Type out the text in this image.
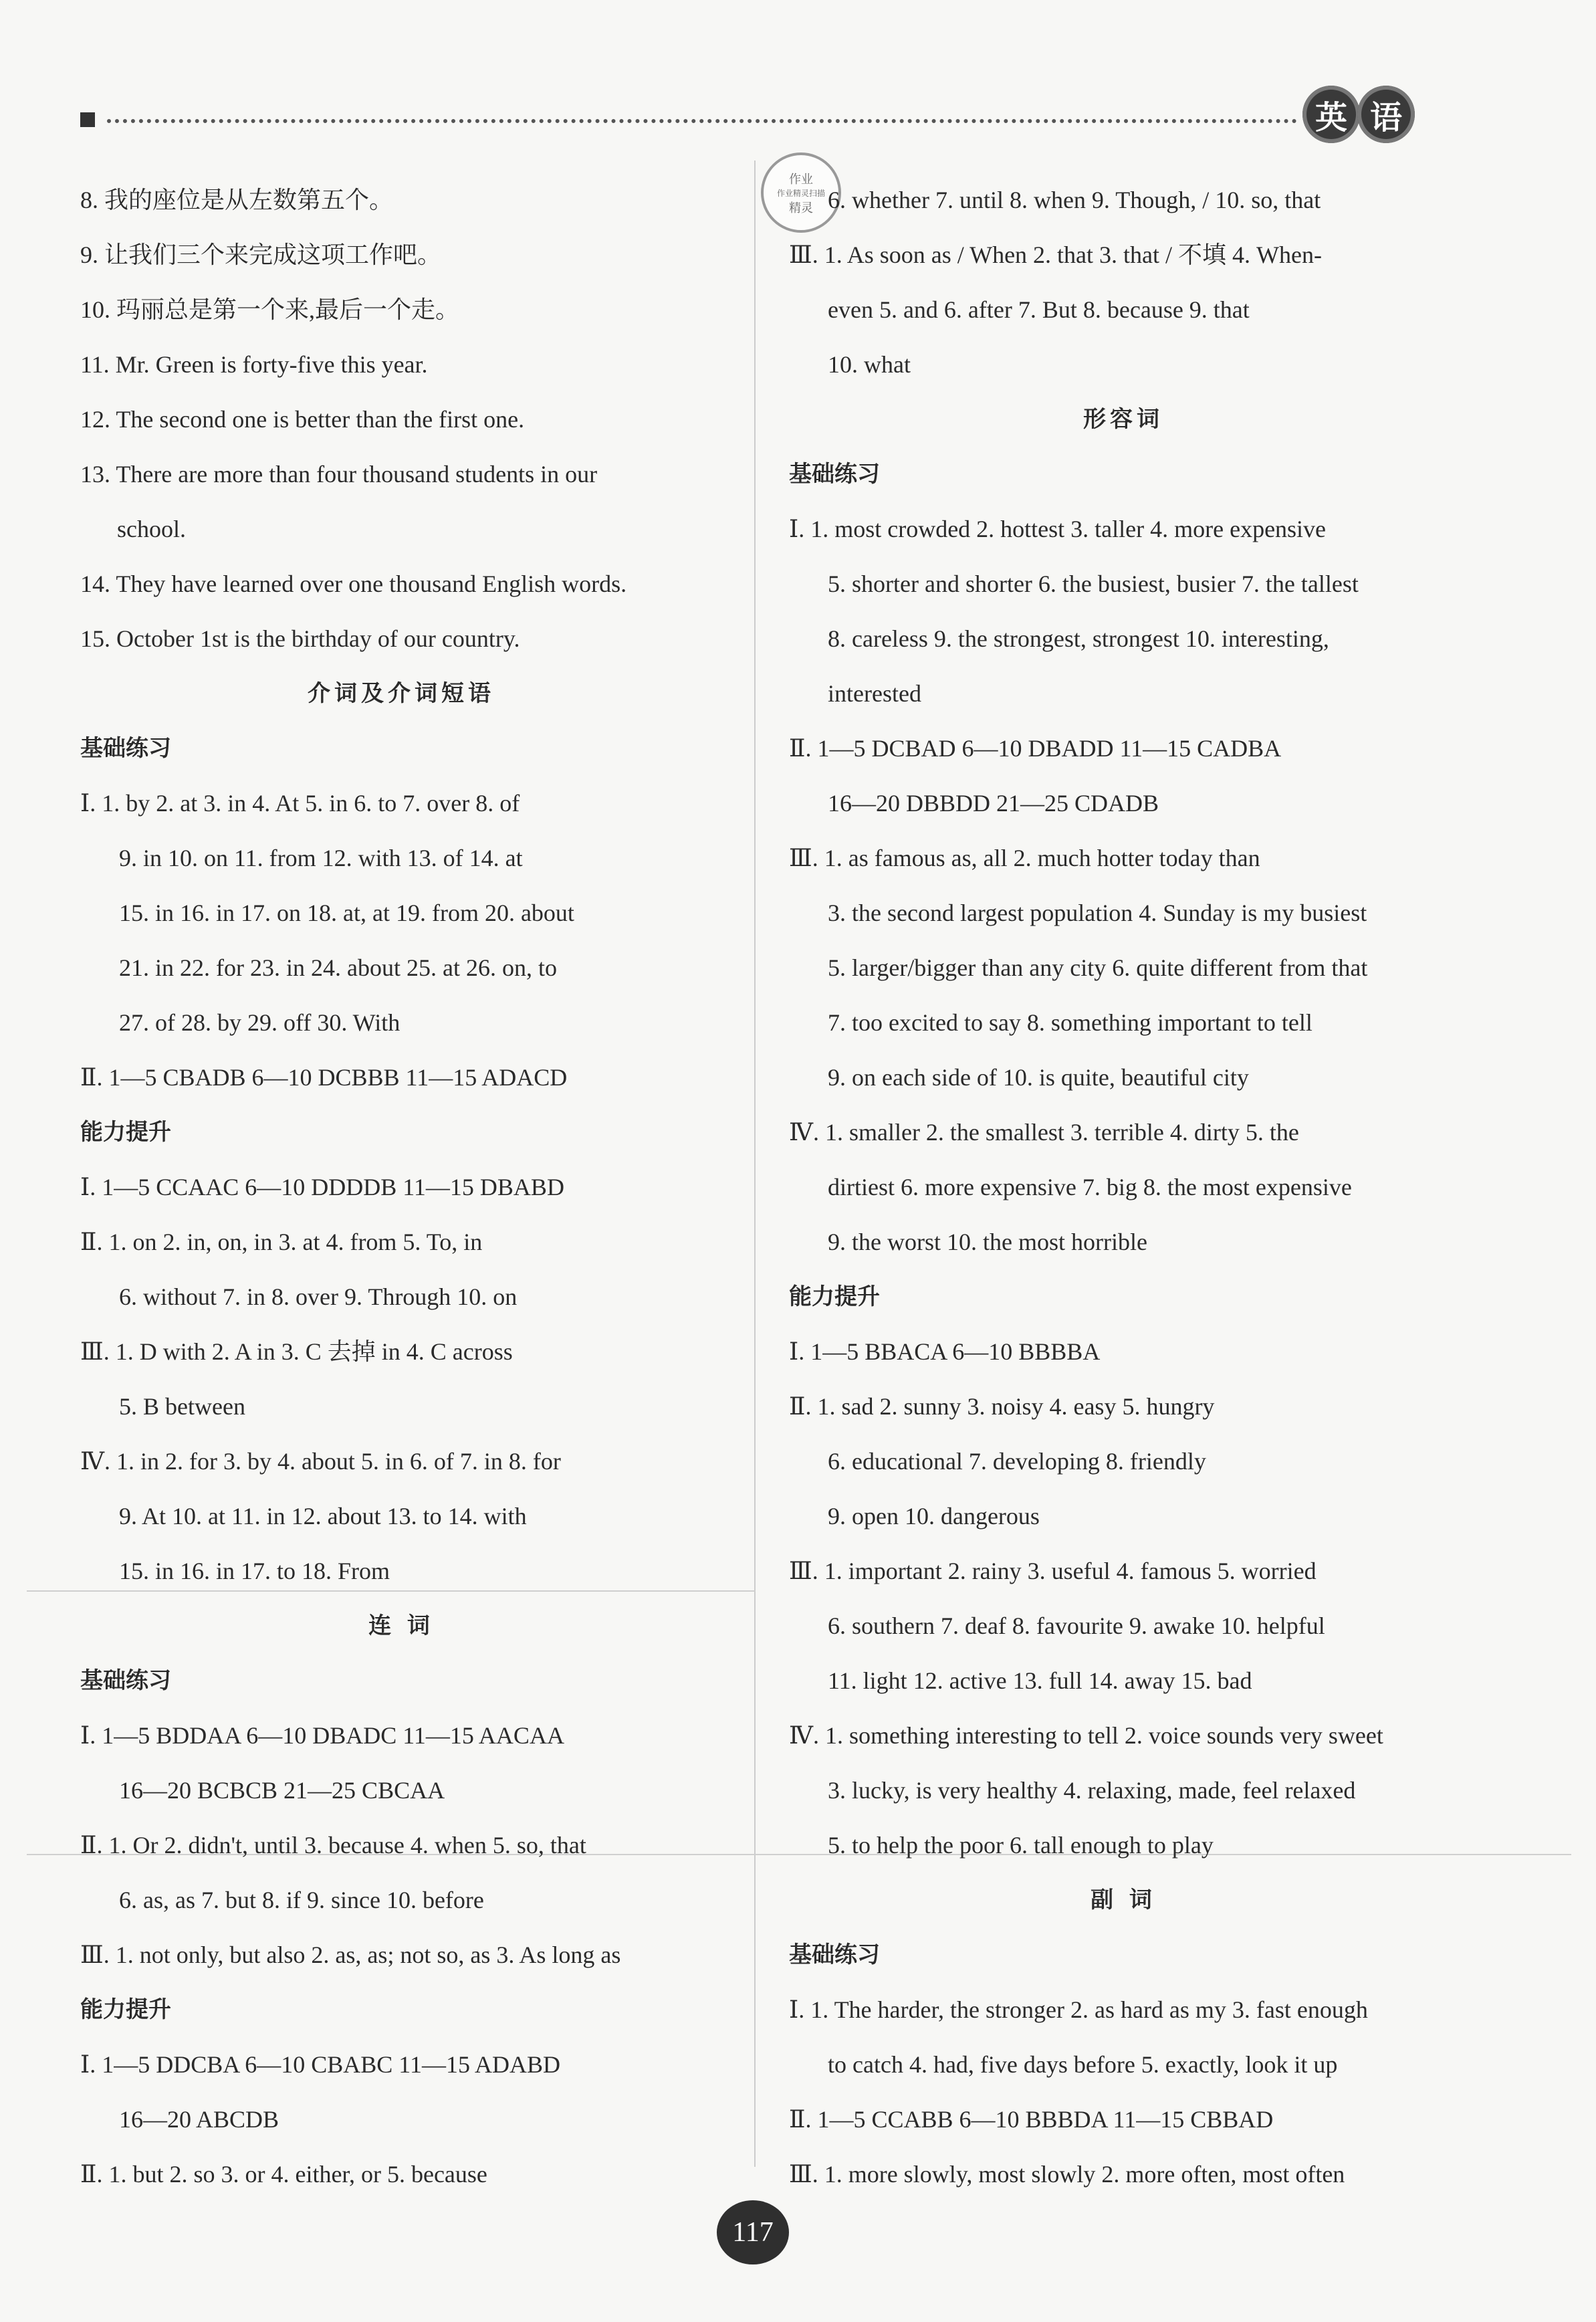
英 语
作业
作业精灵扫描
精灵
8. 我的座位是从左数第五个。
9. 让我们三个来完成这项工作吧。
10. 玛丽总是第一个来,最后一个走。
11. Mr. Green is forty-five this year.
12. The second one is better than the first one.
13. There are more than four thousand students in our
school.
14. They have learned over one thousand English words.
15. October 1st is the birthday of our country.
介词及介词短语
基础练习
Ⅰ. 1. by 2. at 3. in 4. At 5. in 6. to 7. over 8. of
9. in 10. on 11. from 12. with 13. of 14. at
15. in 16. in 17. on 18. at, at 19. from 20. about
21. in 22. for 23. in 24. about 25. at 26. on, to
27. of 28. by 29. off 30. With
Ⅱ. 1—5 CBADB 6—10 DCBBB 11—15 ADACD
能力提升
Ⅰ. 1—5 CCAAC 6—10 DDDDB 11—15 DBABD
Ⅱ. 1. on 2. in, on, in 3. at 4. from 5. To, in
6. without 7. in 8. over 9. Through 10. on
Ⅲ. 1. D with 2. A in 3. C 去掉 in 4. C across
5. B between
Ⅳ. 1. in 2. for 3. by 4. about 5. in 6. of 7. in 8. for
9. At 10. at 11. in 12. about 13. to 14. with
15. in 16. in 17. to 18. From
连 词
基础练习
Ⅰ. 1—5 BDDAA 6—10 DBADC 11—15 AACAA
16—20 BCBCB 21—25 CBCAA
Ⅱ. 1. Or 2. didn't, until 3. because 4. when 5. so, that
6. as, as 7. but 8. if 9. since 10. before
Ⅲ. 1. not only, but also 2. as, as; not so, as 3. As long as
能力提升
Ⅰ. 1—5 DDCBA 6—10 CBABC 11—15 ADABD
16—20 ABCDB
Ⅱ. 1. but 2. so 3. or 4. either, or 5. because
6. whether 7. until 8. when 9. Though, / 10. so, that
Ⅲ. 1. As soon as / When 2. that 3. that / 不填 4. When-
even 5. and 6. after 7. But 8. because 9. that
10. what
形容词
基础练习
Ⅰ. 1. most crowded 2. hottest 3. taller 4. more expensive
5. shorter and shorter 6. the busiest, busier 7. the tallest
8. careless 9. the strongest, strongest 10. interesting,
interested
Ⅱ. 1—5 DCBAD 6—10 DBADD 11—15 CADBA
16—20 DBBDD 21—25 CDADB
Ⅲ. 1. as famous as, all 2. much hotter today than
3. the second largest population 4. Sunday is my busiest
5. larger/bigger than any city 6. quite different from that
7. too excited to say 8. something important to tell
9. on each side of 10. is quite, beautiful city
Ⅳ. 1. smaller 2. the smallest 3. terrible 4. dirty 5. the
dirtiest 6. more expensive 7. big 8. the most expensive
9. the worst 10. the most horrible
能力提升
Ⅰ. 1—5 BBACA 6—10 BBBBA
Ⅱ. 1. sad 2. sunny 3. noisy 4. easy 5. hungry
6. educational 7. developing 8. friendly
9. open 10. dangerous
Ⅲ. 1. important 2. rainy 3. useful 4. famous 5. worried
6. southern 7. deaf 8. favourite 9. awake 10. helpful
11. light 12. active 13. full 14. away 15. bad
Ⅳ. 1. something interesting to tell 2. voice sounds very sweet
3. lucky, is very healthy 4. relaxing, made, feel relaxed
5. to help the poor 6. tall enough to play
副 词
基础练习
Ⅰ. 1. The harder, the stronger 2. as hard as my 3. fast enough
to catch 4. had, five days before 5. exactly, look it up
Ⅱ. 1—5 CCABB 6—10 BBBDA 11—15 CBBAD
Ⅲ. 1. more slowly, most slowly 2. more often, most often
117
